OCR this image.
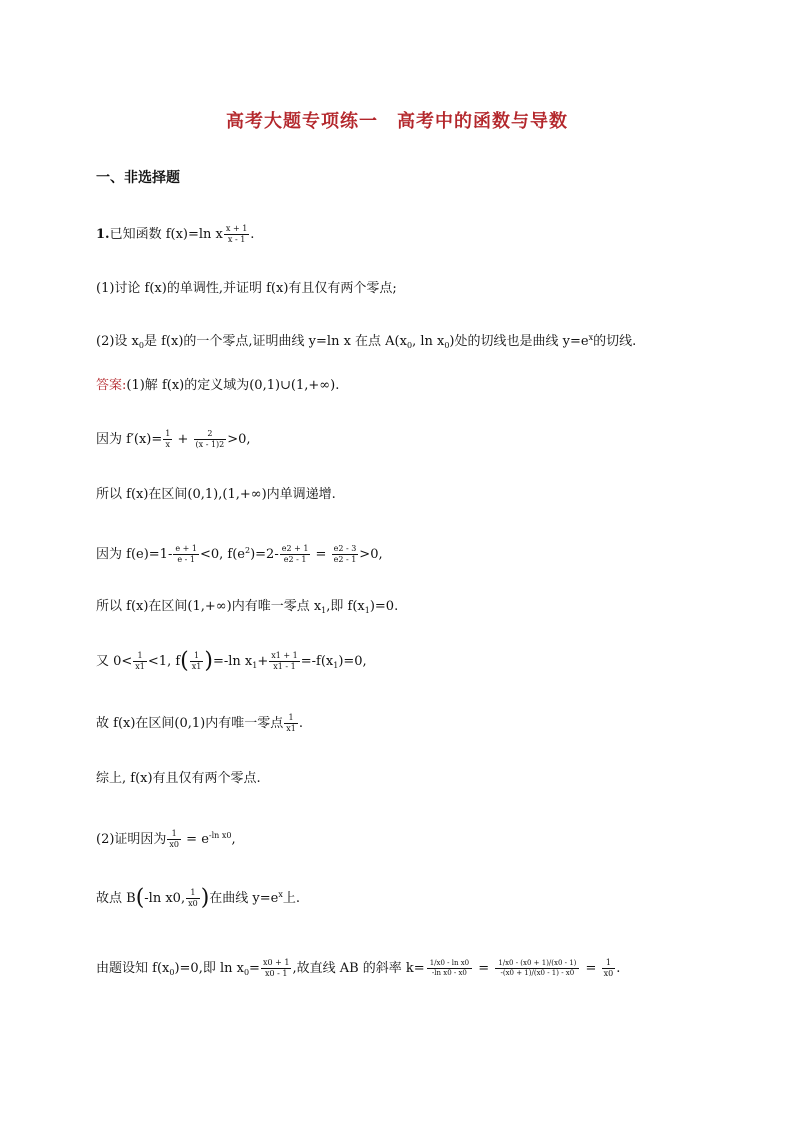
高考大题专项练一　高考中的函数与导数
一、非选择题
1.已知函数 f(x)=ln x $\frac{x + 1}{x - 1}$ .
(1)讨论 f(x)的单调性,并证明 f(x)有且仅有两个零点;
(2)设 $x_0$是 f(x)的一个零点,证明曲线 y=ln x 在点 $A(x_0$, $\ln x_0$)处的切线也是曲线 $y=e^x$的切线.
答案:(1)解 f(x)的定义域为(0,1)∪(1,+∞).
因为 $f'(x)= \frac{1}{x} + \frac{2}{(x - 1)2} >0$,
所以 f(x)在区间(0,1),(1,+∞)内单调递增.
因为 $f(e)=1- \frac{e + 1}{e - 1} <0$, $f(e^2)=2- \frac{e2 + 1}{e2 - 1} = \frac{e2 - 3}{e2 - 1} >0$,
所以 f(x)在区间(1,+∞)内有唯一零点 $x_1$,即 $f(x_1)=0$.
又 $0< \frac{1}{x1} <1$, $f( \frac{1}{x1} )=-\ln$ $x_1+ \frac{x1 + 1}{x1 - 1} =-f(x_1)=0$,
故 f(x)在区间(0,1)内有唯一零点 $\frac{1}{x1}$ .
综上, f(x)有且仅有两个零点.
(2)证明因为 $\frac{1}{x0} = e^{-ln x0}$,
故点 B(-ln x0, $\frac{1}{x0}$ )在曲线 $y=e^x$上.
由题设知 $f(x_0)=0$,即 $\ln x_0= \frac{x0 + 1}{x0 - 1}$ ,故直线 AB 的斜率 $k= \frac{\text{1/x0 - ln x0}}{\text{-ln x0 - x0}} = \frac{1/x0 - (x0 + 1)/(x0 - 1)}{-(x0 + 1)/(x0 - 1) - x0} = \frac{1}{x0}$ .
